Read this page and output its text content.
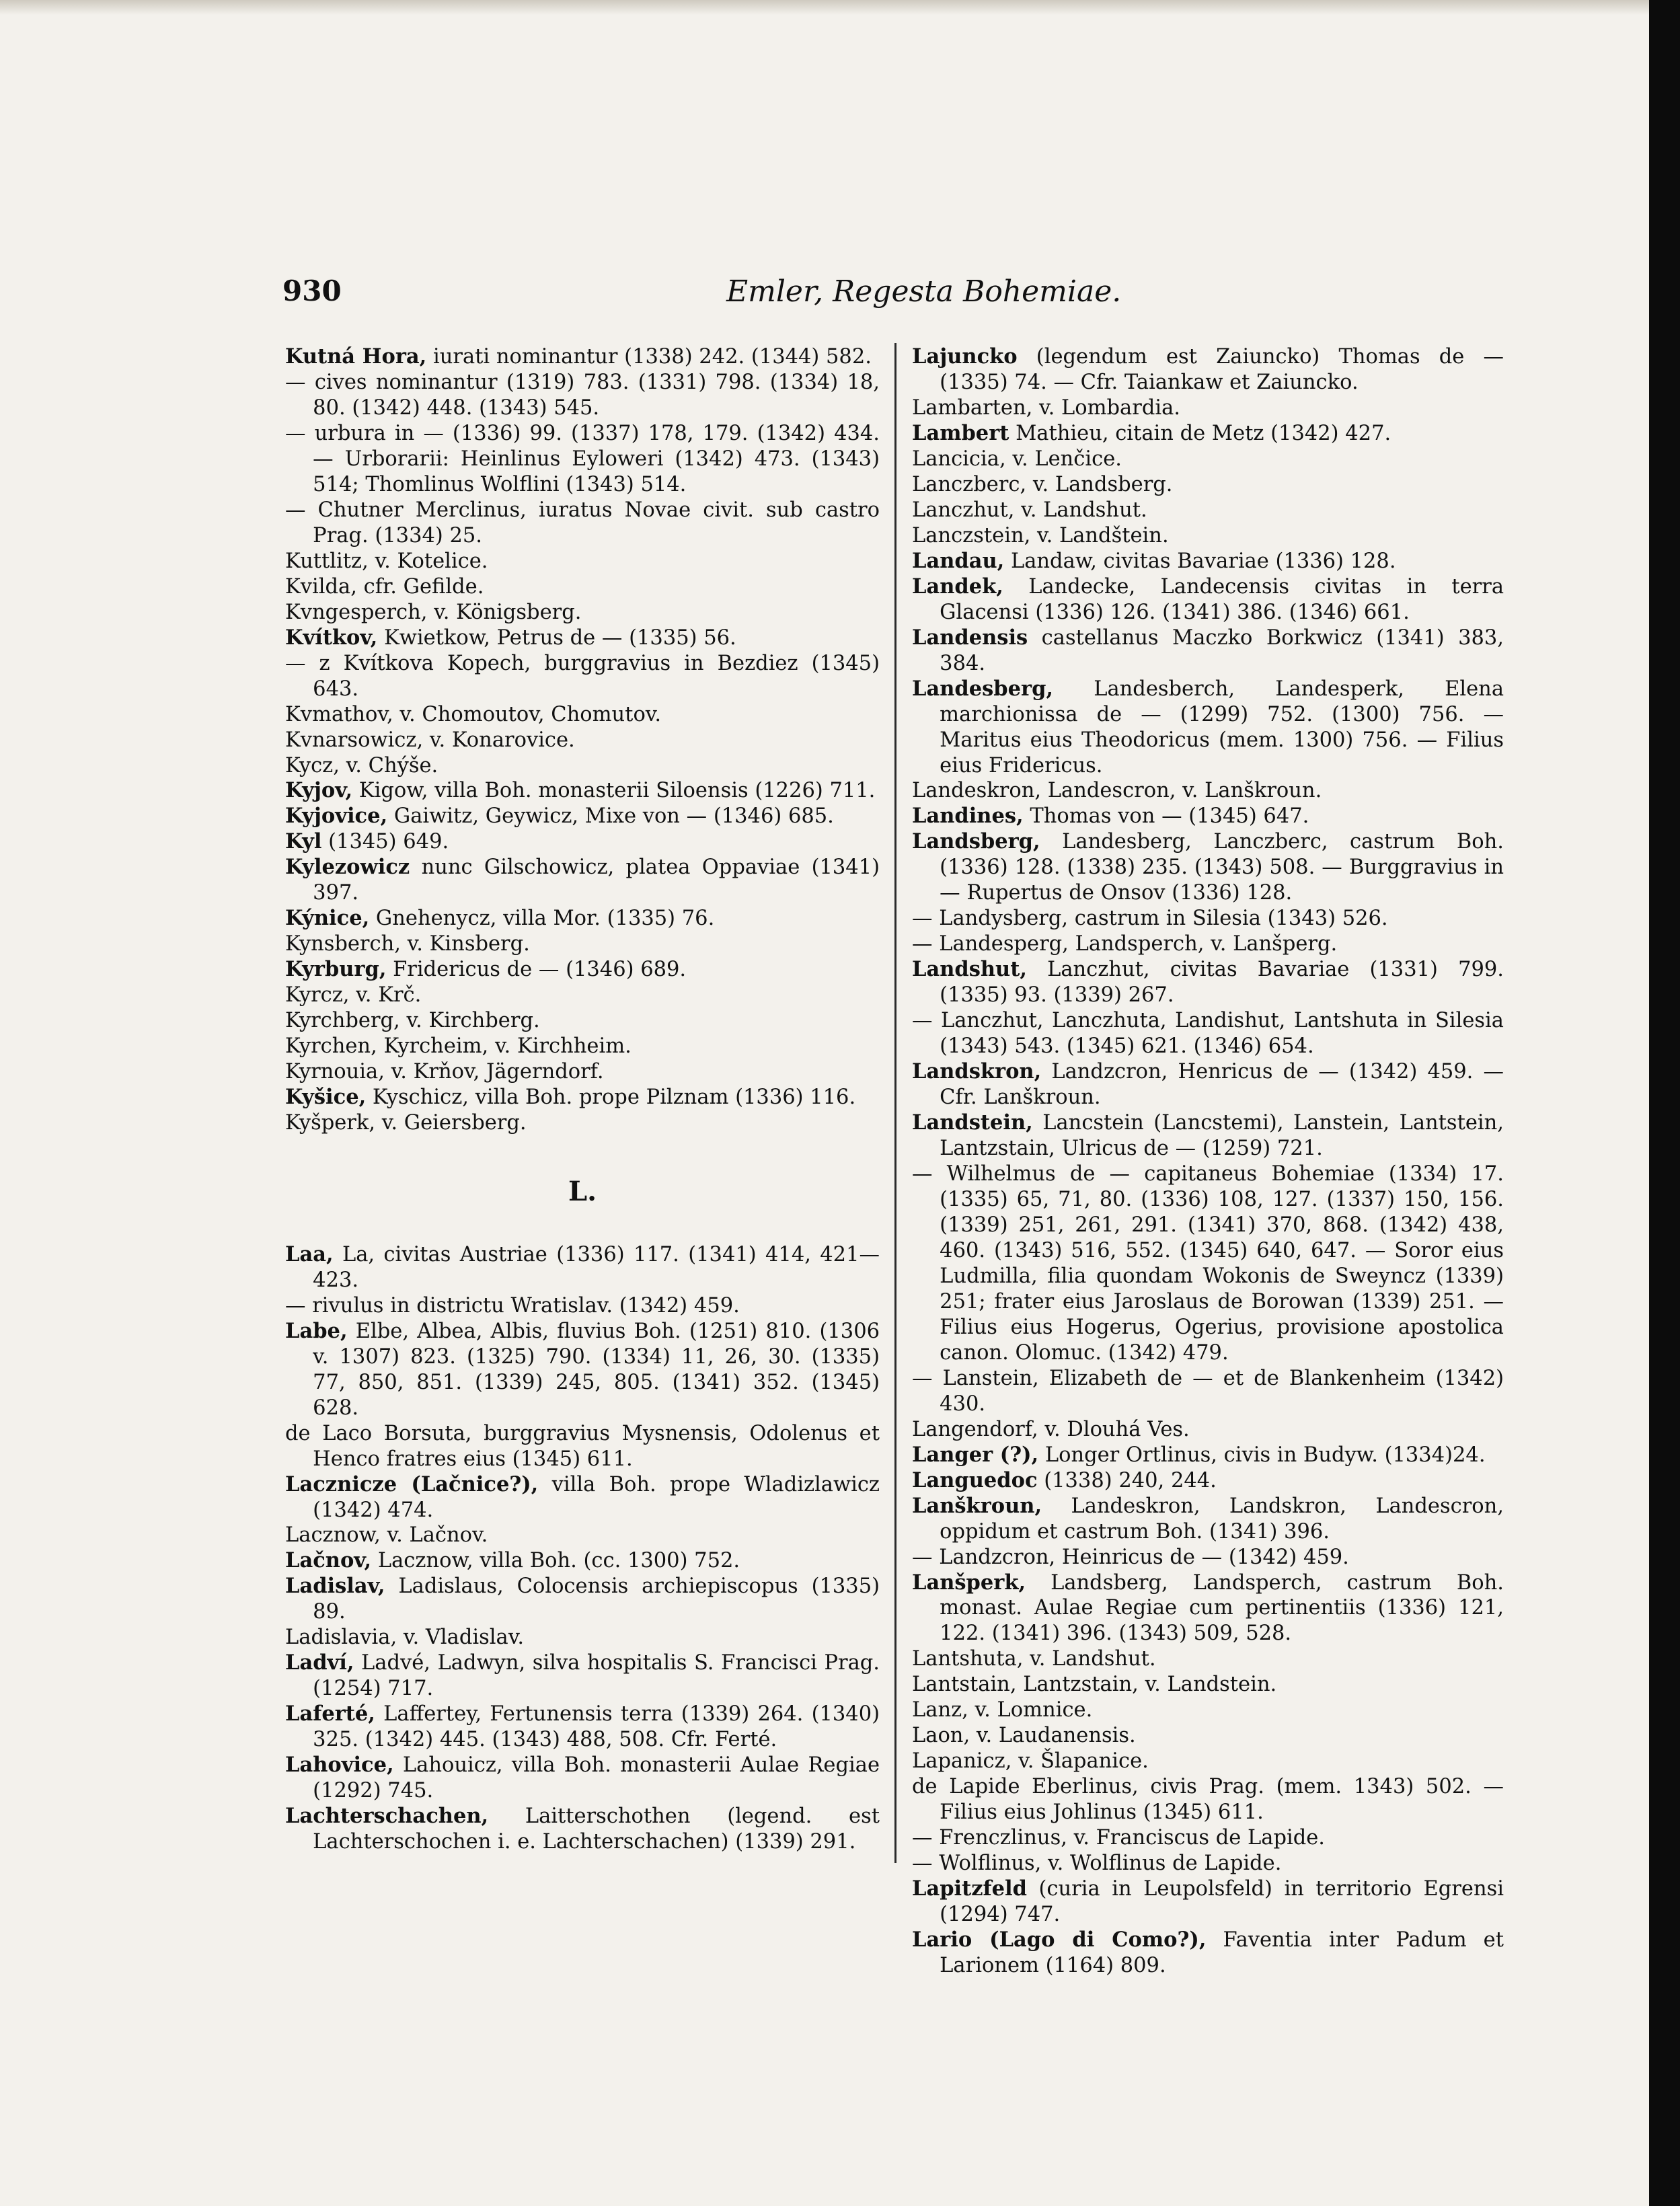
930	Emler, Regesta Bohemiae.

Kutná Hora, iurati nominantur (1338) 242. (1344) 582.

— cives nominantur (1319) 783. (1331) 798. (1334) 18, 80. (1342) 448. (1343) 545.

— urbura in — (1336) 99. (1337) 178, 179. (1342) 434. — Urborarii: Heinlinus Eyloweri (1342) 473. (1343) 514; Thomlinus Wolflini (1343) 514.

— Chutner Merclinus, iuratus Novae civit. sub castro Prag. (1334) 25.

Kuttlitz, v. Kotelice.

Kvilda, cfr. Gefilde.

Kvngesperch, v. Königsberg.

Kvítkov, Kwietkow, Petrus de — (1335) 56.

— z Kvítkova Kopech, burggravius in Bezdiez (1345) 643.

Kvmathov, v. Chomoutov, Chomutov.

Kvnarsowicz, v. Konarovice.

Kycz, v. Chýše.

Kyjov, Kigow, villa Boh. monasterii Siloensis (1226) 711.

Kyjovice, Gaiwitz, Geywicz, Mixe von — (1346) 685.

Kyl (1345) 649.

Kylezowicz nunc Gilschowicz, platea Oppaviae (1341) 397.

Kýnice, Gnehenycz, villa Mor. (1335) 76.

Kynsberch, v. Kinsberg.

Kyrburg, Fridericus de — (1346) 689.

Kyrcz, v. Krč.

Kyrchberg, v. Kirchberg.

Kyrchen, Kyrcheim, v. Kirchheim.

Kyrnouia, v. Krňov, Jägerndorf.

Kyšice, Kyschicz, villa Boh. prope Pilznam (1336) 116.

Kyšperk, v. Geiersberg.

L.

Laa, La, civitas Austriae (1336) 117. (1341) 414, 421—423.

— rivulus in districtu Wratislav. (1342) 459.

Labe, Elbe, Albea, Albis, fluvius Boh. (1251) 810. (1306 v. 1307) 823. (1325) 790. (1334) 11, 26, 30. (1335) 77, 850, 851. (1339) 245, 805. (1341) 352. (1345) 628.

de Laco Borsuta, burggravius Mysnensis, Odolenus et Henco fratres eius (1345) 611.

Lacznicze (Lačnice?), villa Boh. prope Wladizlawicz (1342) 474.

Lacznow, v. Lačnov.

Lačnov, Lacznow, villa Boh. (cc. 1300) 752.

Ladislav, Ladislaus, Colocensis archiepiscopus (1335) 89.

Ladislavia, v. Vladislav.

Ladví, Ladvé, Ladwyn, silva hospitalis S. Francisci Prag. (1254) 717.

Laferté, Laffertey, Fertunensis terra (1339) 264. (1340) 325. (1342) 445. (1343) 488, 508. Cfr. Ferté.

Lahovice, Lahouicz, villa Boh. monasterii Aulae Regiae (1292) 745.

Lachterschachen, Laitterschothen (legend. est Lachterschochen i. e. Lachterschachen) (1339) 291.

Lajuncko (legendum est Zaiuncko) Thomas de — (1335) 74. — Cfr. Taiankaw et Zaiuncko.

Lambarten, v. Lombardia.

Lambert Mathieu, citain de Metz (1342) 427.

Lancicia, v. Lenčice.

Lanczberc, v. Landsberg.

Lanczhut, v. Landshut.

Lanczstein, v. Landštein.

Landau, Landaw, civitas Bavariae (1336) 128.

Landek, Landecke, Landecensis civitas in terra Glacensi (1336) 126. (1341) 386. (1346) 661.

Landensis castellanus Maczko Borkwicz (1341) 383, 384.

Landesberg, Landesberch, Landesperk, Elena marchionissa de — (1299) 752. (1300) 756. — Maritus eius Theodoricus (mem. 1300) 756. — Filius eius Fridericus.

Landeskron, Landescron, v. Lanškroun.

Landines, Thomas von — (1345) 647.

Landsberg, Landesberg, Lanczberc, castrum Boh. (1336) 128. (1338) 235. (1343) 508. — Burggravius in — Rupertus de Onsov (1336) 128.

— Landysberg, castrum in Silesia (1343) 526.

— Landesperg, Landsperch, v. Lanšperg.

Landshut, Lanczhut, civitas Bavariae (1331) 799. (1335) 93. (1339) 267.

— Lanczhut, Lanczhuta, Landishut, Lantshuta in Silesia (1343) 543. (1345) 621. (1346) 654.

Landskron, Landzcron, Henricus de — (1342) 459. — Cfr. Lanškroun.

Landstein, Lancstein (Lancstemi), Lanstein, Lantstein, Lantzstain, Ulricus de — (1259) 721.

— Wilhelmus de — capitaneus Bohemiae (1334) 17. (1335) 65, 71, 80. (1336) 108, 127. (1337) 150, 156. (1339) 251, 261, 291. (1341) 370, 868. (1342) 438, 460. (1343) 516, 552. (1345) 640, 647. — Soror eius Ludmilla, filia quondam Wokonis de Sweyncz (1339) 251; frater eius Jaroslaus de Borowan (1339) 251. — Filius eius Hogerus, Ogerius, provisione apostolica canon. Olomuc. (1342) 479.

— Lanstein, Elizabeth de — et de Blankenheim (1342) 430.

Langendorf, v. Dlouhá Ves.

Langer (?), Longer Ortlinus, civis in Budyw. (1334)24.

Languedoc (1338) 240, 244.

Lanškroun, Landeskron, Landskron, Landescron, oppidum et castrum Boh. (1341) 396.

— Landzcron, Heinricus de — (1342) 459.

Lanšperk, Landsberg, Landsperch, castrum Boh. monast. Aulae Regiae cum pertinentiis (1336) 121, 122. (1341) 396. (1343) 509, 528.

Lantshuta, v. Landshut.

Lantstain, Lantzstain, v. Landstein.

Lanz, v. Lomnice.

Laon, v. Laudanensis.

Lapanicz, v. Šlapanice.

de Lapide Eberlinus, civis Prag. (mem. 1343) 502. — Filius eius Johlinus (1345) 611.

— Frenczlinus, v. Franciscus de Lapide.

— Wolflinus, v. Wolflinus de Lapide.

Lapitzfeld (curia in Leupolsfeld) in territorio Egrensi (1294) 747.

Lario (Lago di Como?), Faventia inter Padum et Larionem (1164) 809.
